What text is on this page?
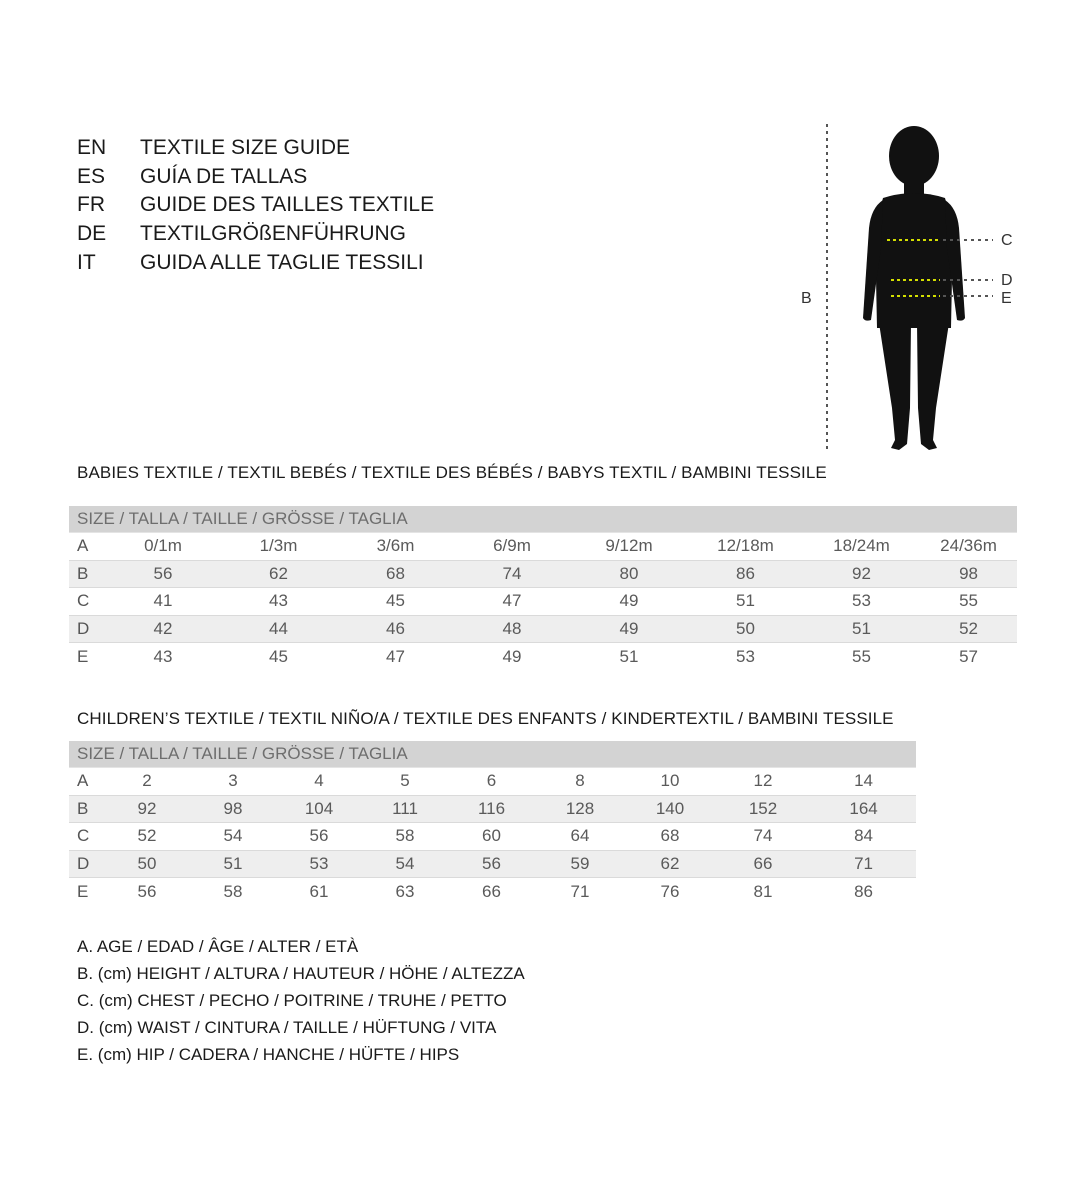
EN	TEXTILE SIZE GUIDE
ES	GUÍA DE TALLAS
FR	GUIDE DES TAILLES TEXTILE
DE	TEXTILGRÖßENFÜHRUNG
IT	GUIDA ALLE TAGLIE TESSILI
B
C
D
E
BABIES TEXTILE / TEXTIL BEBÉS / TEXTILE DES BÉBÉS / BABYS TEXTIL / BAMBINI TESSILE
SIZE / TALLA / TAILLE / GRÖSSE / TAGLIA								
A	0/1m	1/3m	3/6m	6/9m	9/12m	12/18m	18/24m	24/36m
B	56	62	68	74	80	86	92	98
C	41	43	45	47	49	51	53	55
D	42	44	46	48	49	50	51	52
E	43	45	47	49	51	53	55	57
CHILDREN’S TEXTILE / TEXTIL NIÑO/A / TEXTILE DES ENFANTS / KINDERTEXTIL / BAMBINI TESSILE
SIZE / TALLA / TAILLE / GRÖSSE / TAGLIA									
A	2	3	4	5	6	8	10	12	14
B	92	98	104	111	116	128	140	152	164
C	52	54	56	58	60	64	68	74	84
D	50	51	53	54	56	59	62	66	71
E	56	58	61	63	66	71	76	81	86
A. AGE / EDAD / ÂGE / ALTER / ETÀ
B. (cm) HEIGHT / ALTURA / HAUTEUR / HÖHE / ALTEZZA
C. (cm) CHEST / PECHO / POITRINE / TRUHE / PETTO
D. (cm) WAIST / CINTURA / TAILLE / HÜFTUNG / VITA
E. (cm) HIP / CADERA / HANCHE / HÜFTE / HIPS
